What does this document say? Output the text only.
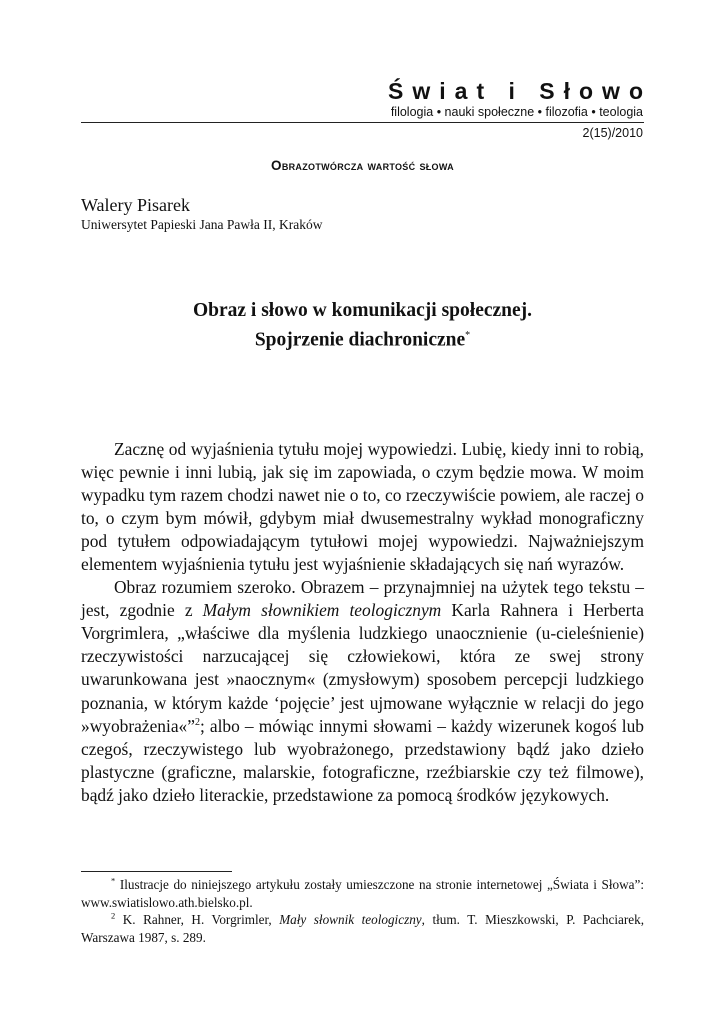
Świat i Słowo
filologia • nauki społeczne • filozofia • teologia
2(15)/2010
Obrazotwórcza wartość słowa
Walery Pisarek
Uniwersytet Papieski Jana Pawła II, Kraków
Obraz i słowo w komunikacji społecznej.
Spojrzenie diachroniczne*

Zacznę od wyjaśnienia tytułu mojej wypowiedzi. Lubię, kiedy inni to robią, więc pewnie i inni lubią, jak się im zapowiada, o czym będzie mowa. W moim wypadku tym razem chodzi nawet nie o to, co rzeczywiście powiem, ale raczej o to, o czym bym mówił, gdybym miał dwusemestralny wykład monograficzny pod tytułem odpowiadającym tytułowi mojej wypowiedzi. Najważniejszym elementem wyjaśnienia tytułu jest wyjaśnienie składających się nań wyrazów.

Obraz rozumiem szeroko. Obrazem – przynajmniej na użytek tego tekstu – jest, zgodnie z Małym słownikiem teologicznym Karla Rahnera i Herberta Vorgrimlera, „właściwe dla myślenia ludzkiego unaocznienie (u-cieleśnienie) rzeczywistości narzucającej się człowiekowi, która ze swej strony uwarunkowana jest »naocznym« (zmysłowym) sposobem percepcji ludzkiego poznania, w którym każde ‘pojęcie’ jest ujmowane wyłącznie w relacji do jego »wyobrażenia«”$^2$; albo – mówiąc innymi słowami – każdy wizerunek kogoś lub czegoś, rzeczywistego lub wyobrażonego, przedstawiony bądź jako dzieło plastyczne (graficzne, malarskie, fotograficzne, rzeźbiarskie czy też filmowe), bądź jako dzieło literackie, przedstawione za pomocą środków językowych.

* Ilustracje do niniejszego artykułu zostały umieszczone na stronie internetowej „Świata i Słowa”: www.swiatislowo.ath.bielsko.pl.

$^2$ K. Rahner, H. Vorgrimler, Mały słownik teologiczny, tłum. T. Mieszkowski, P. Pachciarek, Warszawa 1987, s. 289.
